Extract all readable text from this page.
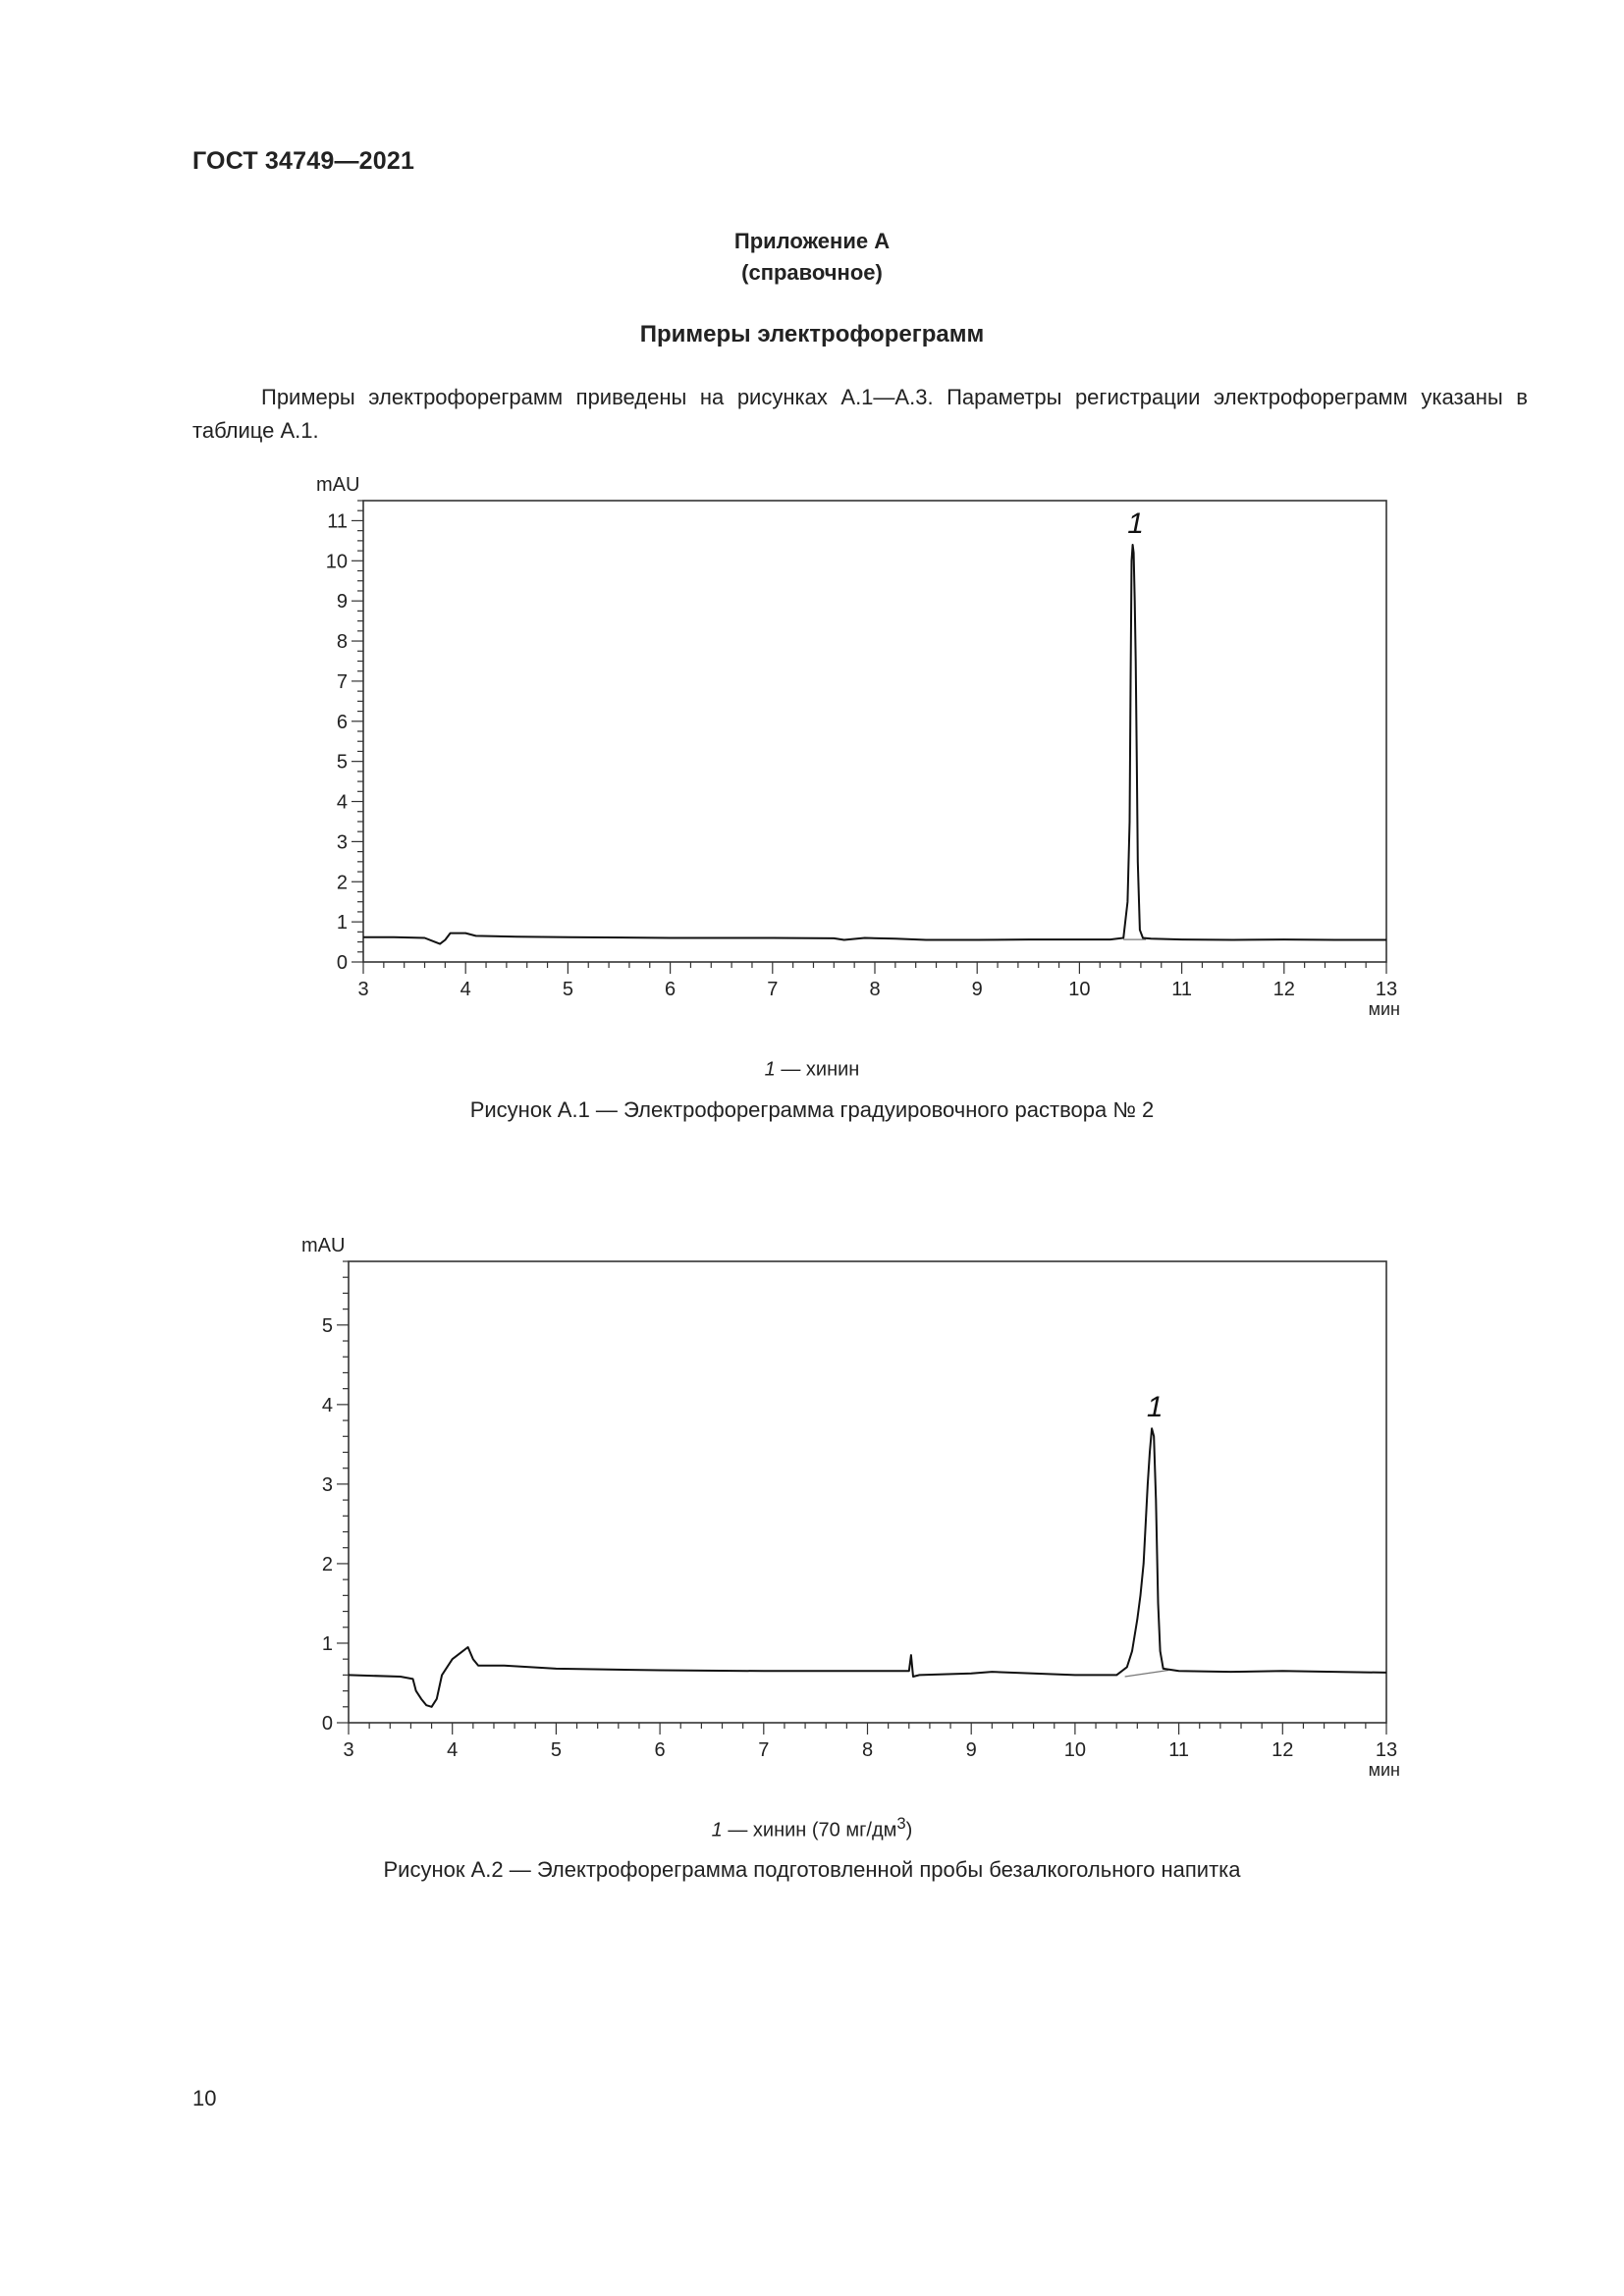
ГОСТ 34749—2021
Приложение А
(справочное)
Примеры электрофореграмм
Примеры электрофореграмм приведены на рисунках А.1—А.3. Параметры регистрации электрофореграмм указаны в таблице А.1.
3	4	5	6	7	8	9	10	11	12	13
мин
0
1
2
3
4
5
6
7
8
9
10
11
mAU
1
1 — хинин
Рисунок А.1 — Электрофореграмма градуировочного раствора № 2
3	4	5	6	7	8	9	10	11	12	13
мин
0
1
2
3
4
5
mAU
1
1 — хинин (70 $мг/дм^3$)
Рисунок А.2 — Электрофореграмма подготовленной пробы безалкогольного напитка
10
